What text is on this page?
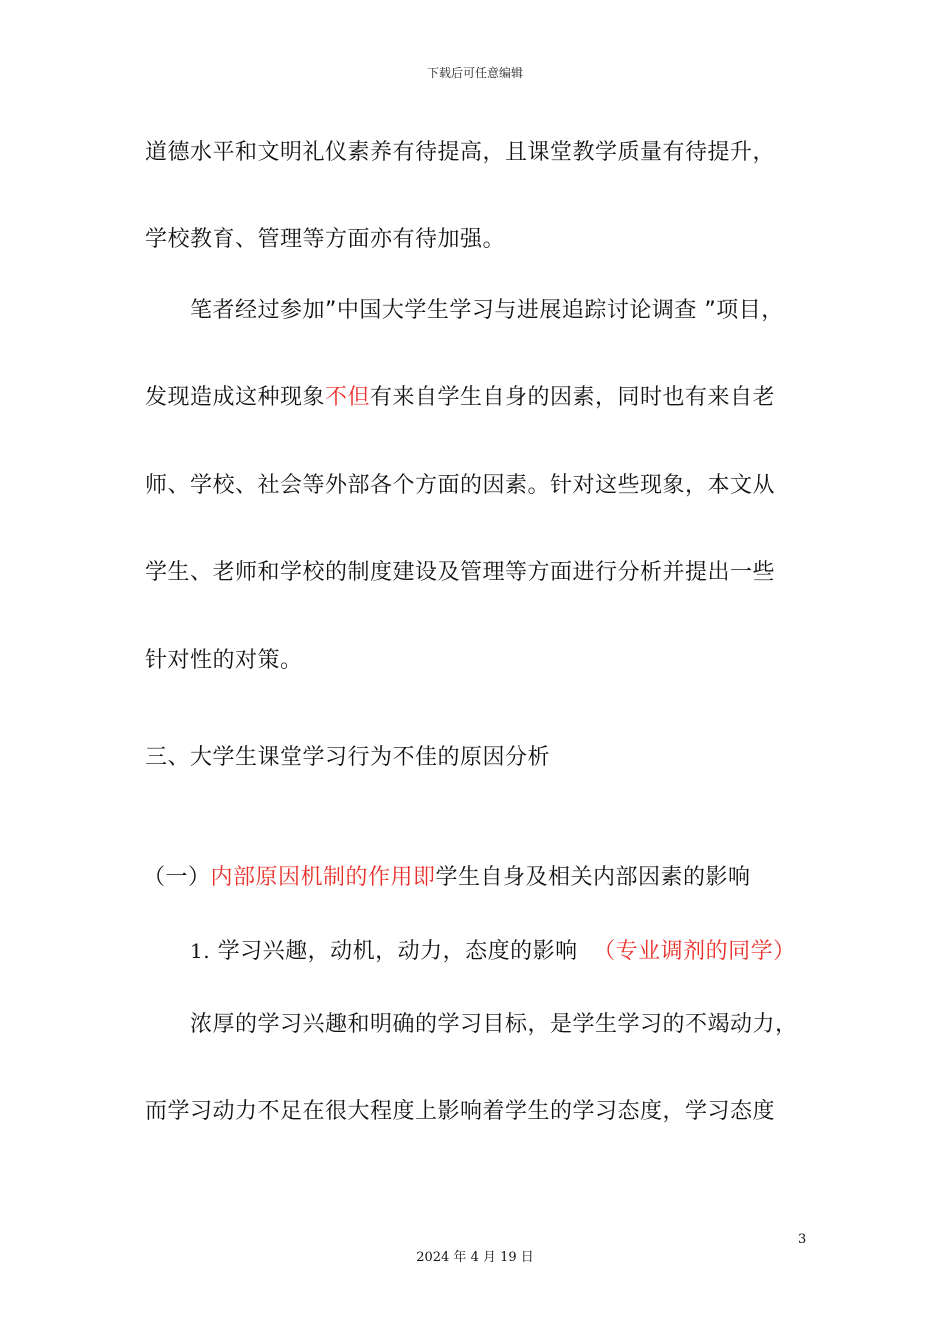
下载后可任意编辑
道德水平和文明礼仪素养有待提高，且课堂教学质量有待提升，
学校教育、管理等方面亦有待加强。
笔者经过参加”中国大学生学习与进展追踪讨论调查 ”项目，
发现造成这种现象不但有来自学生自身的因素，同时也有来自老
师、学校、社会等外部各个方面的因素。针对这些现象，本文从
学生、老师和学校的制度建设及管理等方面进行分析并提出一些
针对性的对策。
三、大学生课堂学习行为不佳的原因分析
（一）内部原因机制的作用即学生自身及相关内部因素的影响
1. 学习兴趣，动机，动力，态度的影响 （专业调剂的同学）
浓厚的学习兴趣和明确的学习目标，是学生学习的不竭动力，
而学习动力不足在很大程度上影响着学生的学习态度，学习态度
3
2024 年 4 月 19 日
